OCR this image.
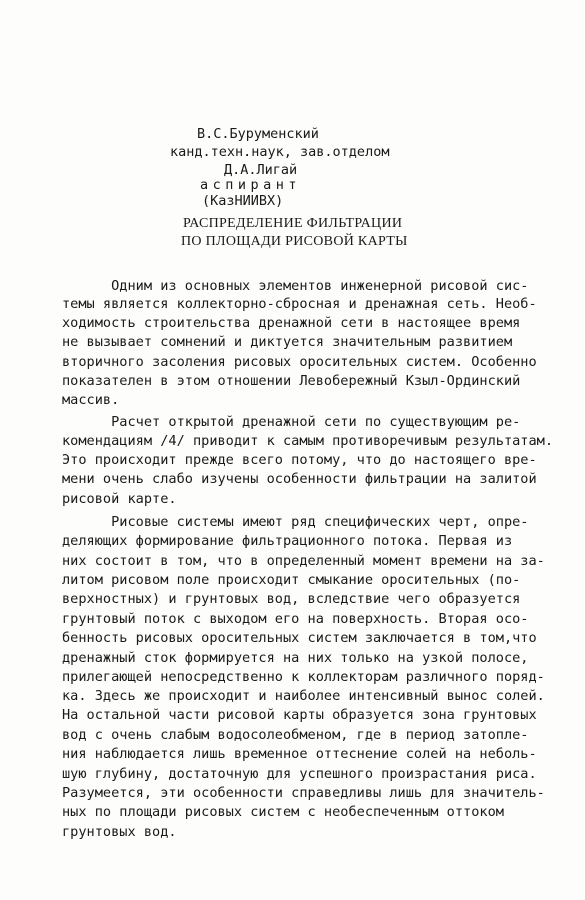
В.С.Буруменский

канд.техн.наук, зав.отделом

Д.А.Лигай

аспирант

(КазНИИВХ)

РАСПРЕДЕЛЕНИЕ ФИЛЬТРАЦИИ

ПО ПЛОЩАДИ РИСОВОЙ КАРТЫ

Одним из основных элементов инженерной рисовой сис-

темы является коллекторно-сбросная и дренажная сеть. Необ-

ходимость строительства дренажной сети в настоящее время

не вызывает сомнений и диктуется значительным развитием

вторичного засоления рисовых оросительных систем. Особенно

показателен в этом отношении Левобережный Кзыл-Ординский

массив.

Расчет открытой дренажной сети по существующим ре-

комендациям /4/ приводит к самым противоречивым результатам.

Это происходит прежде всего потому, что до настоящего вре-

мени очень слабо изучены особенности фильтрации на залитой

рисовой карте.

Рисовые системы имеют ряд специфических черт, опре-

деляющих формирование фильтрационного потока. Первая из

них состоит в том, что в определенный момент времени на за-

литом рисовом поле происходит смыкание оросительных (по-

верхностных) и грунтовых вод, вследствие чего образуется

грунтовый поток с выходом его на поверхность. Вторая осо-

бенность рисовых оросительных систем заключается в том,что

дренажный сток формируется на них только на узкой полосе,

прилегающей непосредственно к коллекторам различного поряд-

ка. Здесь же происходит и наиболее интенсивный вынос солей.

На остальной части рисовой карты образуется зона грунтовых

вод с очень слабым водосолеобменом, где в период затопле-

ния наблюдается лишь временное оттеснение солей на неболь-

шую глубину, достаточную для успешного произрастания риса.

Разумеется, эти особенности справедливы лишь для значитель-

ных по площади рисовых систем с необеспеченным оттоком

грунтовых вод.
